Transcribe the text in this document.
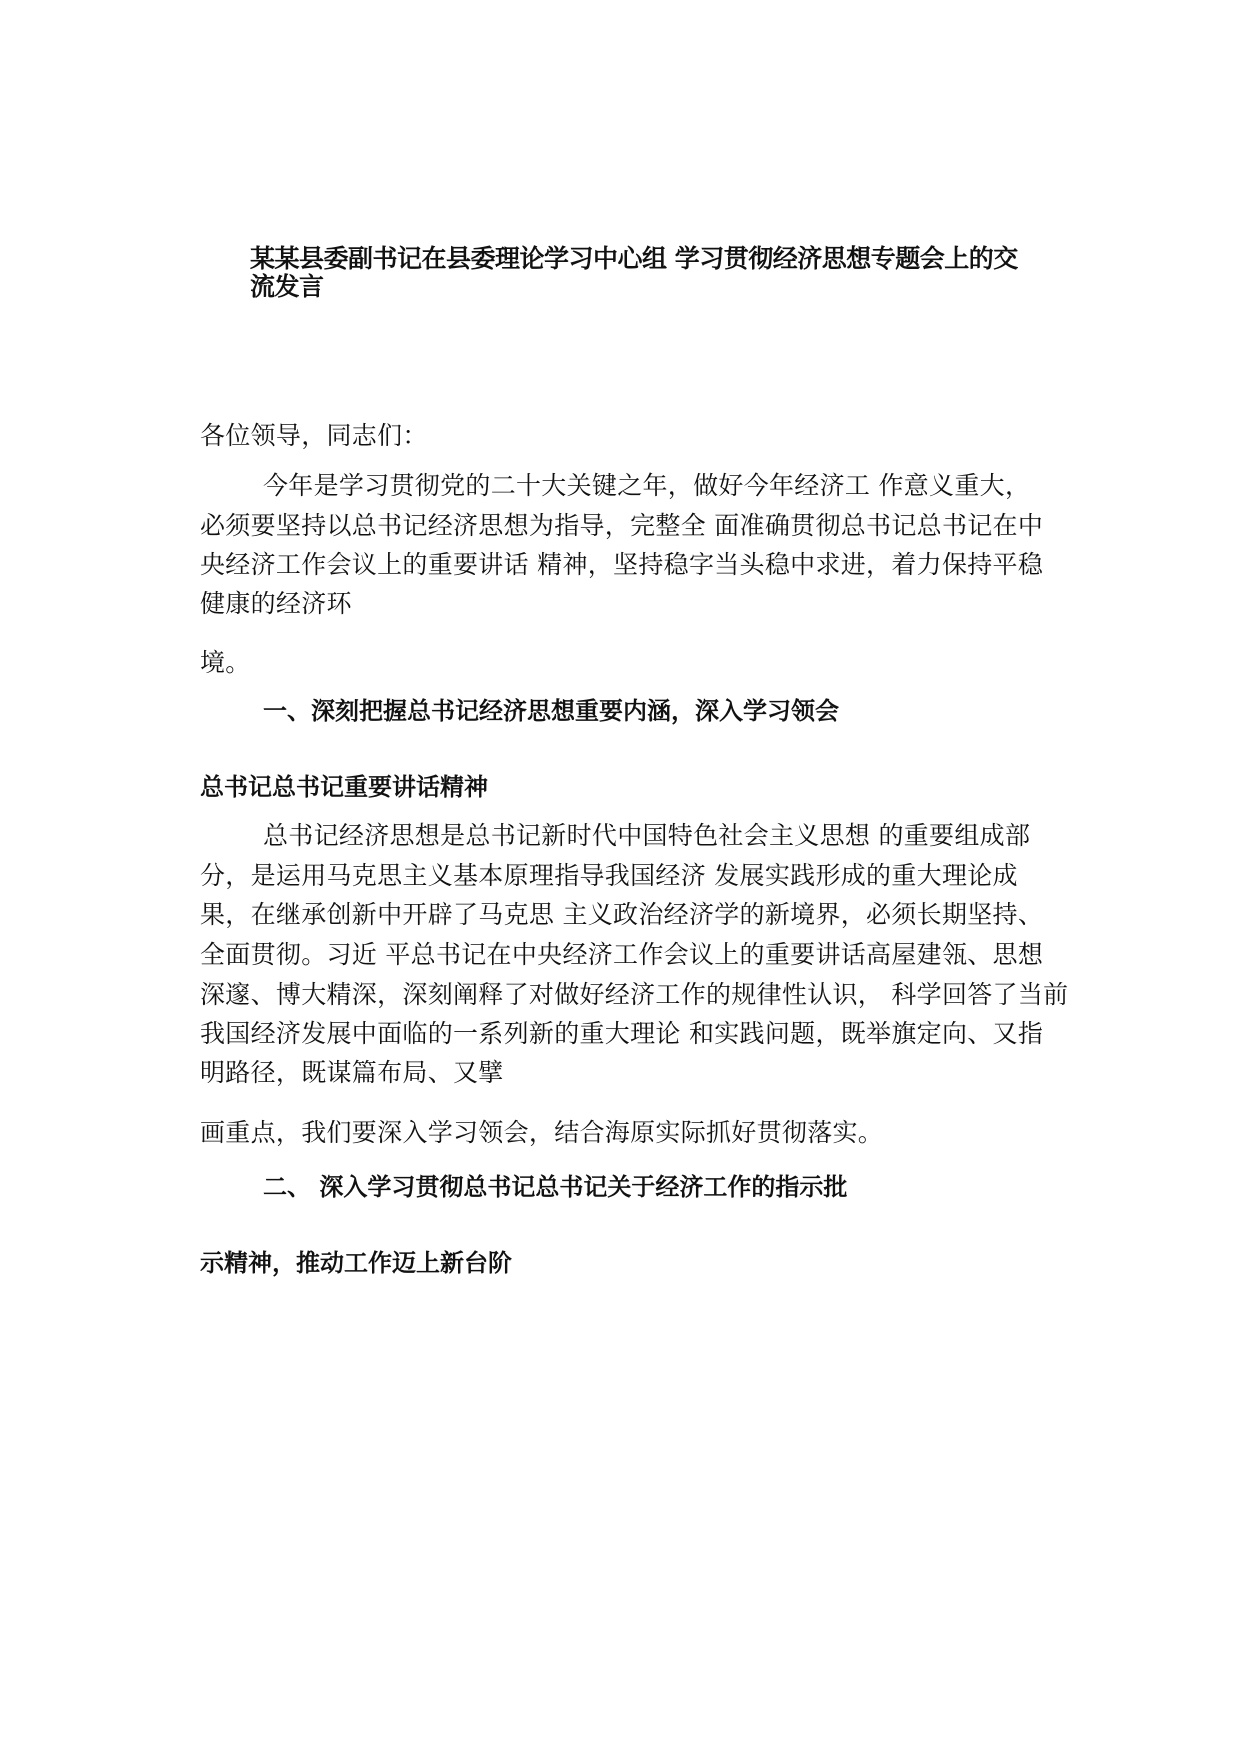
某某县委副书记在县委理论学习中心组 学习贯彻经济思想专题会上的交
流发言
各位领导，同志们：
今年是学习贯彻党的二十大关键之年，做好今年经济工 作意义重大，
必须要坚持以总书记经济思想为指导，完整全 面准确贯彻总书记总书记在中
央经济工作会议上的重要讲话 精神，坚持稳字当头稳中求进，着力保持平稳
健康的经济环
境。
一、深刻把握总书记经济思想重要内涵，深入学习领会
总书记总书记重要讲话精神
总书记经济思想是总书记新时代中国特色社会主义思想 的重要组成部
分，是运用马克思主义基本原理指导我国经济 发展实践形成的重大理论成
果，在继承创新中开辟了马克思 主义政治经济学的新境界，必须长期坚持、
全面贯彻。习近 平总书记在中央经济工作会议上的重要讲话高屋建瓴、思想
深邃、博大精深，深刻阐释了对做好经济工作的规律性认识， 科学回答了当前
我国经济发展中面临的一系列新的重大理论 和实践问题，既举旗定向、又指
明路径，既谋篇布局、又擘
画重点，我们要深入学习领会，结合海原实际抓好贯彻落实。
二、 深入学习贯彻总书记总书记关于经济工作的指示批
示精神，推动工作迈上新台阶
